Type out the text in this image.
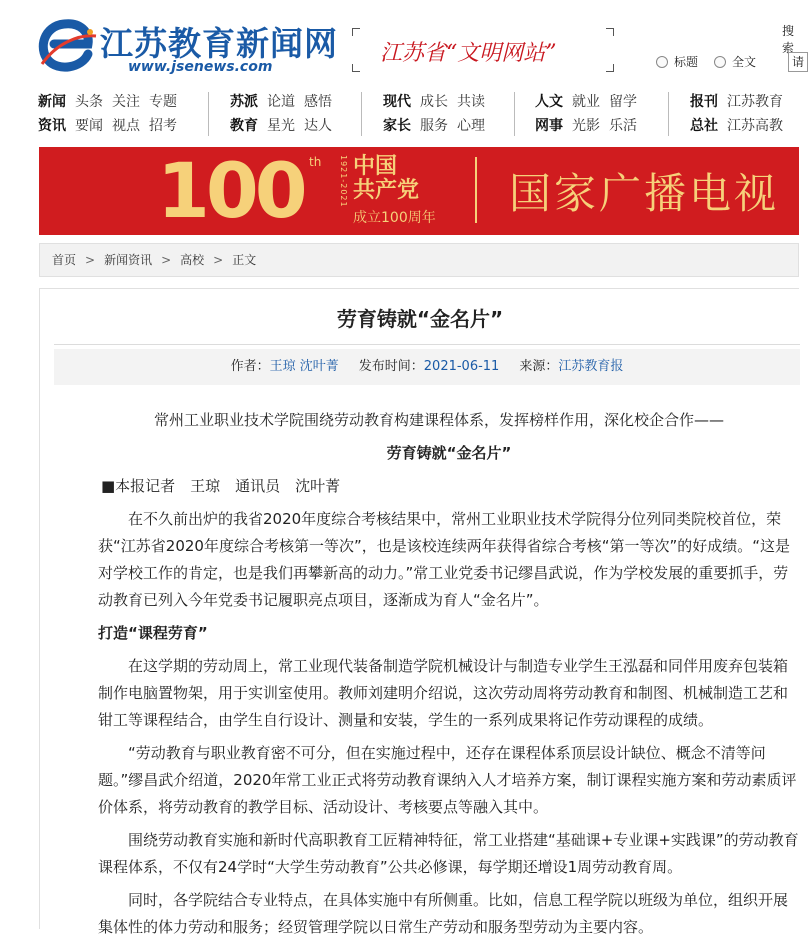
江苏教育新闻网
www.jsenews.com
江苏省“文明网站”
搜索
标题	全文	请
新闻 头条 关注 专题
资讯 要闻 视点 招考
苏派 论道 感悟
教育 星光 达人
现代 成长 共读
家长 服务 心理
人文 就业 留学
网事 光影 乐活
报刊 江苏教育
总社 江苏高教
100 th 1921-2021 中国
共产党
成立100周年 国家广播电视
首页 > 新闻资讯 > 高校 > 正文
劳育铸就“金名片”
作者：王琼 沈叶菁 发布时间：2021-06-11 来源：江苏教育报
常州工业职业技术学院围绕劳动教育构建课程体系，发挥榜样作用，深化校企合作——
劳育铸就“金名片”
■本报记者　王琼　通讯员　沈叶菁
在不久前出炉的我省2020年度综合考核结果中，常州工业职业技术学院得分位列同类院校首位，荣获“江苏省2020年度综合考核第一等次”，也是该校连续两年获得省综合考核“第一等次”的好成绩。“这是对学校工作的肯定，也是我们再攀新高的动力。”常工业党委书记缪昌武说，作为学校发展的重要抓手，劳动教育已列入今年党委书记履职亮点项目，逐渐成为育人“金名片”。
打造“课程劳育”
在这学期的劳动周上，常工业现代装备制造学院机械设计与制造专业学生王泓磊和同伴用废弃包装箱制作电脑置物架，用于实训室使用。教师刘建明介绍说，这次劳动周将劳动教育和制图、机械制造工艺和钳工等课程结合，由学生自行设计、测量和安装，学生的一系列成果将记作劳动课程的成绩。
“劳动教育与职业教育密不可分，但在实施过程中，还存在课程体系顶层设计缺位、概念不清等问题。”缪昌武介绍道，2020年常工业正式将劳动教育课纳入人才培养方案，制订课程实施方案和劳动素质评价体系，将劳动教育的教学目标、活动设计、考核要点等融入其中。
围绕劳动教育实施和新时代高职教育工匠精神特征，常工业搭建“基础课+专业课+实践课”的劳动教育课程体系，不仅有24学时“大学生劳动教育”公共必修课，每学期还增设1周劳动教育周。
同时，各学院结合专业特点，在具体实施中有所侧重。比如，信息工程学院以班级为单位，组织开展集体性的体力劳动和服务；经贸管理学院以日常生产劳动和服务型劳动为主要内容。
